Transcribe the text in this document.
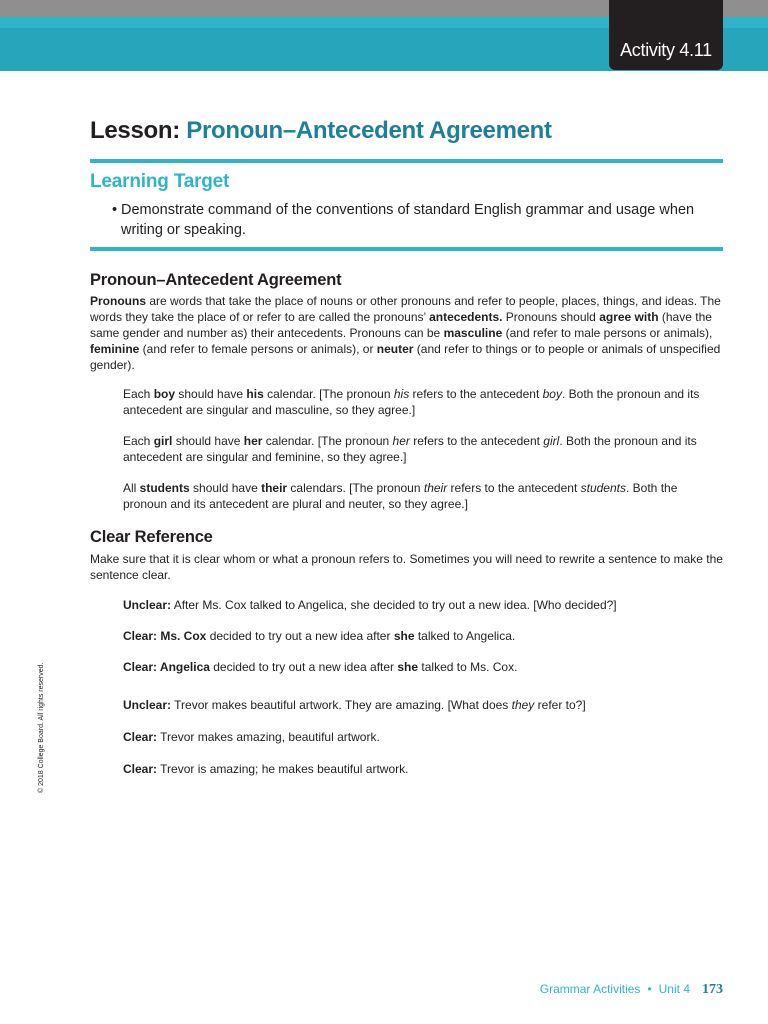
Activity 4.11
Lesson: Pronoun–Antecedent Agreement
Learning Target
• Demonstrate command of the conventions of standard English grammar and usage when writing or speaking.
Pronoun–Antecedent Agreement
Pronouns are words that take the place of nouns or other pronouns and refer to people, places, things, and ideas. The words they take the place of or refer to are called the pronouns’ antecedents. Pronouns should agree with (have the same gender and number as) their antecedents. Pronouns can be masculine (and refer to male persons or animals), feminine (and refer to female persons or animals), or neuter (and refer to things or to people or animals of unspecified gender).
Each boy should have his calendar. [The pronoun his refers to the antecedent boy. Both the pronoun and its antecedent are singular and masculine, so they agree.]
Each girl should have her calendar. [The pronoun her refers to the antecedent girl. Both the pronoun and its antecedent are singular and feminine, so they agree.]
All students should have their calendars. [The pronoun their refers to the antecedent students. Both the pronoun and its antecedent are plural and neuter, so they agree.]
Clear Reference
Make sure that it is clear whom or what a pronoun refers to. Sometimes you will need to rewrite a sentence to make the sentence clear.
Unclear: After Ms. Cox talked to Angelica, she decided to try out a new idea. [Who decided?]
Clear: Ms. Cox decided to try out a new idea after she talked to Angelica.
Clear: Angelica decided to try out a new idea after she talked to Ms. Cox.
Unclear: Trevor makes beautiful artwork. They are amazing. [What does they refer to?]
Clear: Trevor makes amazing, beautiful artwork.
Clear: Trevor is amazing; he makes beautiful artwork.
© 2018 College Board. All rights reserved.
Grammar Activities • Unit 4 173
